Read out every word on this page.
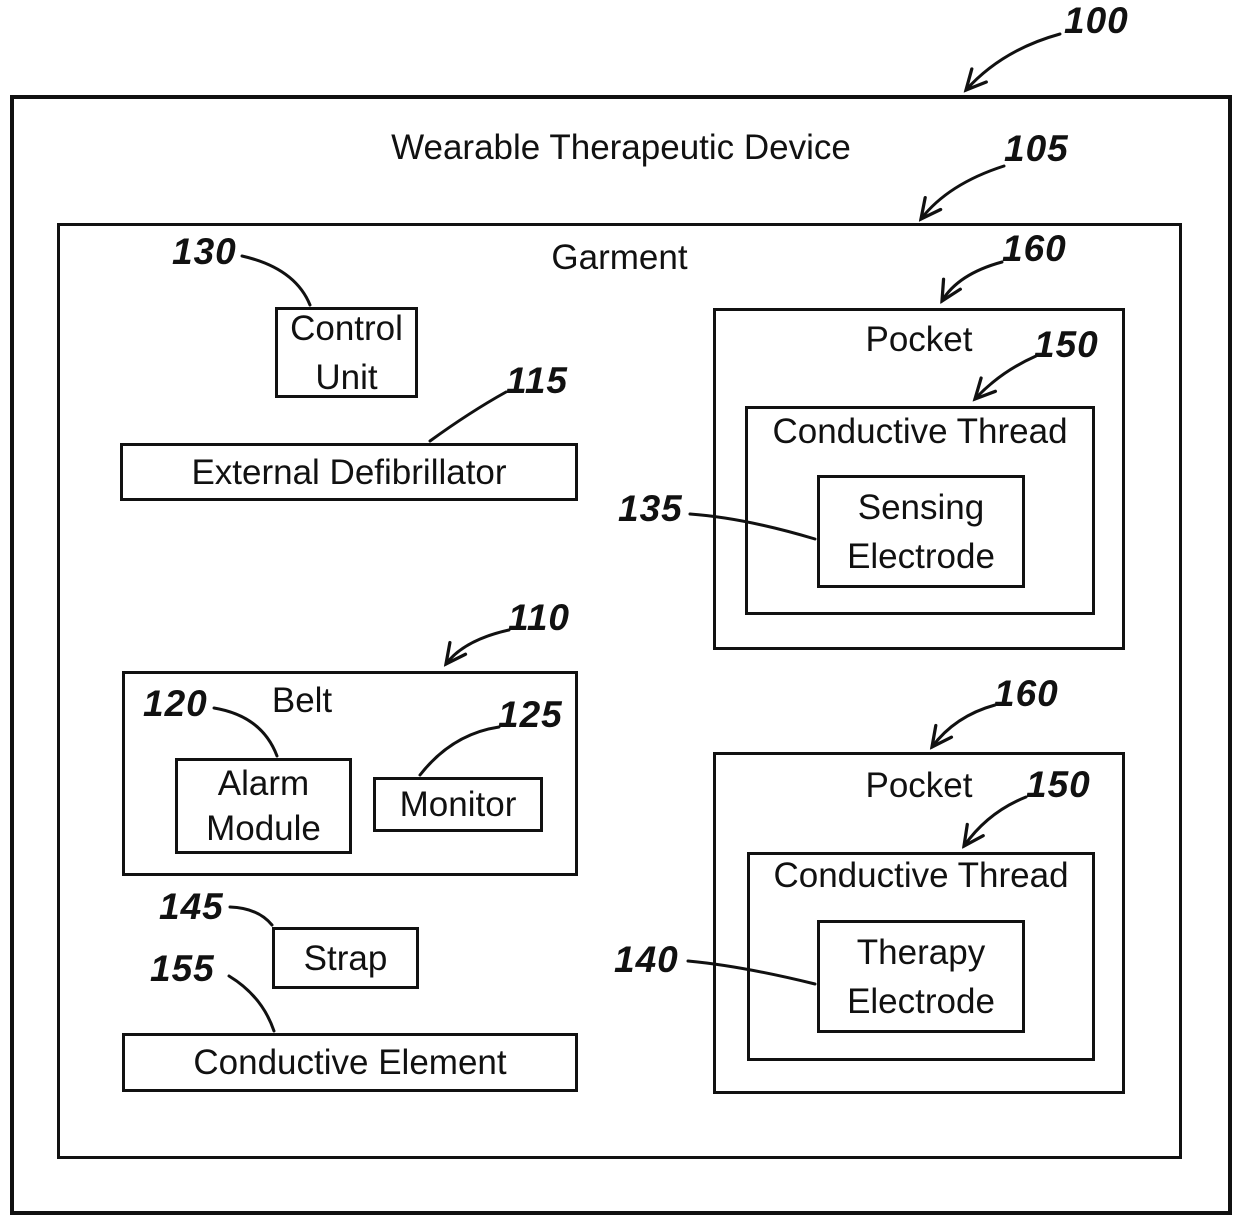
Control Unit
External Defibrillator
Alarm Module
Monitor
Strap
Conductive Element
Sensing Electrode
Therapy Electrode
Wearable Therapeutic Device
Garment
Belt
Pocket
Conductive Thread
Pocket
Conductive Thread
100
105
130	160
150
115
135
110
120	125
160
150
145
155	140
